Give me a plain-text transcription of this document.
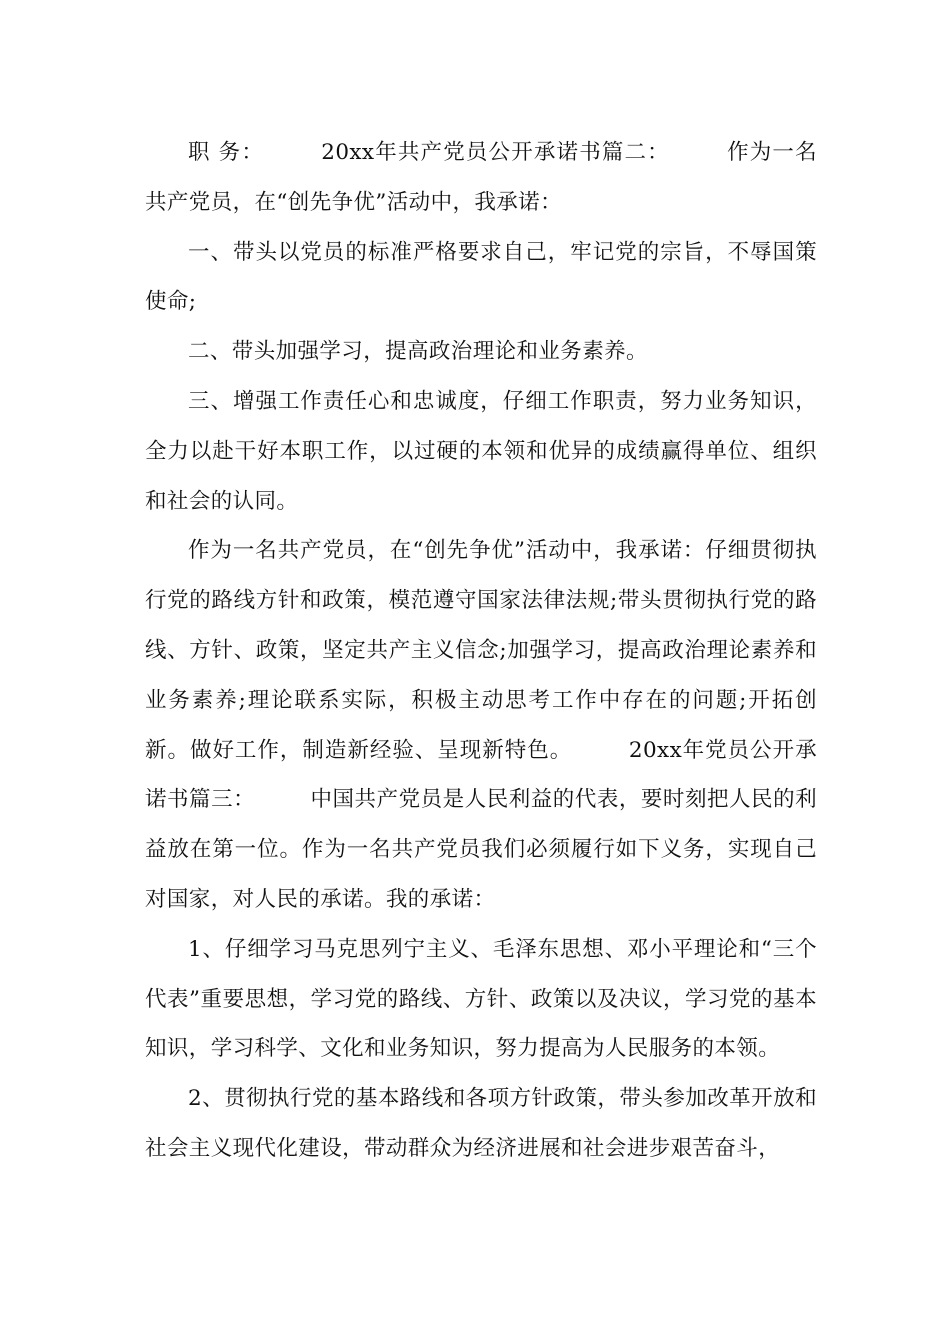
职 务：　　　20xx年共产党员公开承诺书篇二：　　　作为一名共产党员，在“创先争优”活动中，我承诺：

一、带头以党员的标准严格要求自己，牢记党的宗旨，不辱国策使命;

二、带头加强学习，提高政治理论和业务素养。

三、增强工作责任心和忠诚度，仔细工作职责，努力业务知识，全力以赴干好本职工作，以过硬的本领和优异的成绩赢得单位、组织和社会的认同。

作为一名共产党员，在“创先争优”活动中，我承诺：仔细贯彻执行党的路线方针和政策，模范遵守国家法律法规;带头贯彻执行党的路线、方针、政策，坚定共产主义信念;加强学习，提高政治理论素养和业务素养;理论联系实际，积极主动思考工作中存在的问题;开拓创新。做好工作，制造新经验、呈现新特色。　　　20xx年党员公开承诺书篇三：　　　中国共产党员是人民利益的代表，要时刻把人民的利益放在第一位。作为一名共产党员我们必须履行如下义务，实现自己对国家，对人民的承诺。我的承诺：

1、仔细学习马克思列宁主义、毛泽东思想、邓小平理论和“三个代表”重要思想，学习党的路线、方针、政策以及决议，学习党的基本知识，学习科学、文化和业务知识，努力提高为人民服务的本领。

2、贯彻执行党的基本路线和各项方针政策，带头参加改革开放和社会主义现代化建设，带动群众为经济进展和社会进步艰苦奋斗，
